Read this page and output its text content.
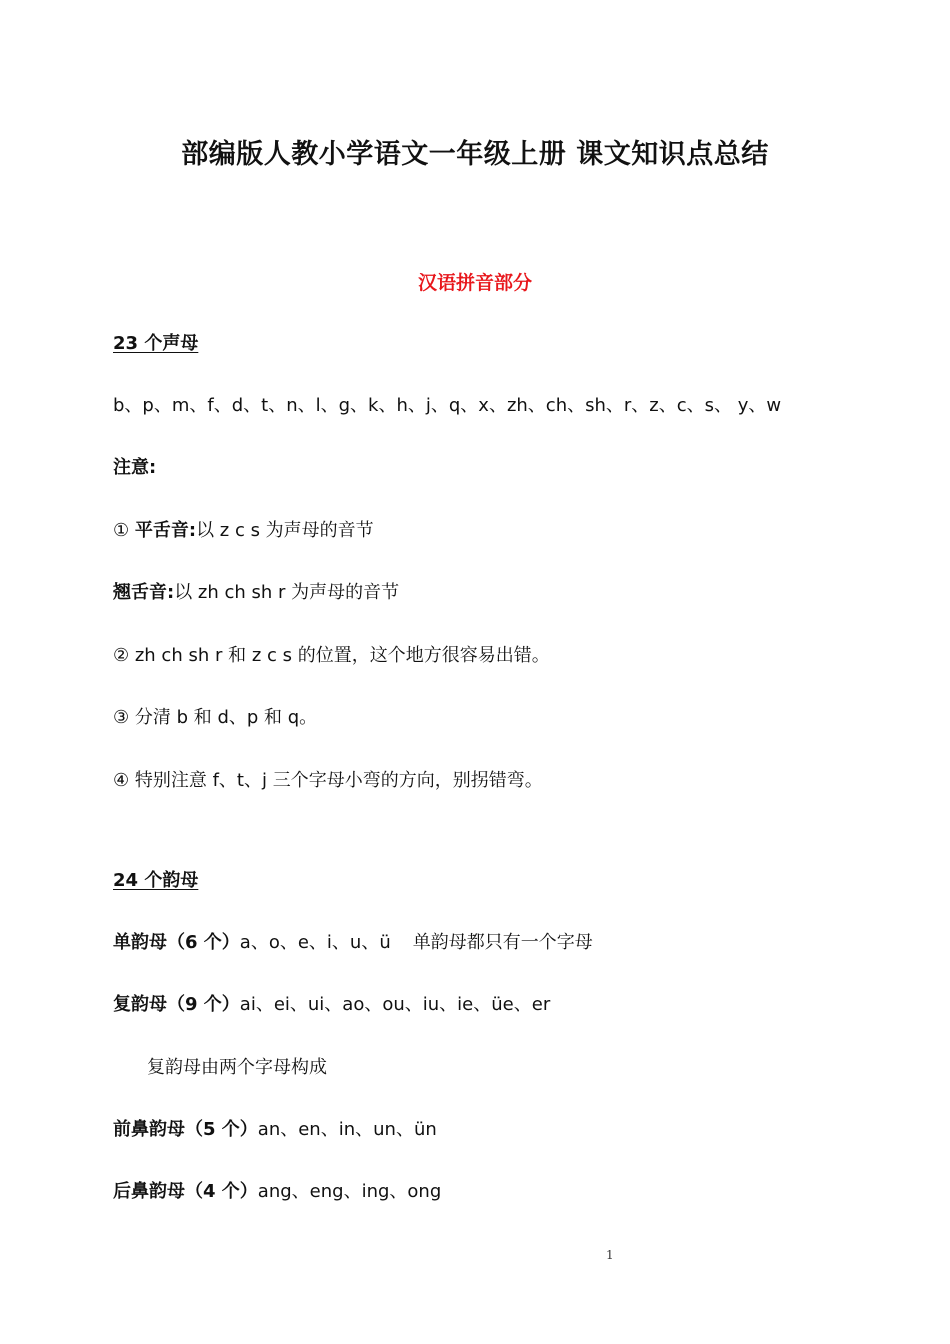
部编版人教小学语文一年级上册 课文知识点总结
汉语拼音部分
23 个声母
b、p、m、f、d、t、n、l、g、k、h、j、q、x、zh、ch、sh、r、z、c、s、 y、w
注意:
① 平舌音:以 z c s 为声母的音节
翘舌音:以 zh ch sh r 为声母的音节
② zh ch sh r 和 z c s 的位置，这个地方很容易出错。
③ 分清 b 和 d、p 和 q。
④ 特别注意 f、t、j 三个字母小弯的方向，别拐错弯。
24 个韵母
单韵母（6 个）a、o、e、i、u、ü 单韵母都只有一个字母
复韵母（9 个）ai、ei、ui、ao、ou、iu、ie、üe、er
复韵母由两个字母构成
前鼻韵母（5 个）an、en、in、un、ün
后鼻韵母（4 个）ang、eng、ing、ong
1
